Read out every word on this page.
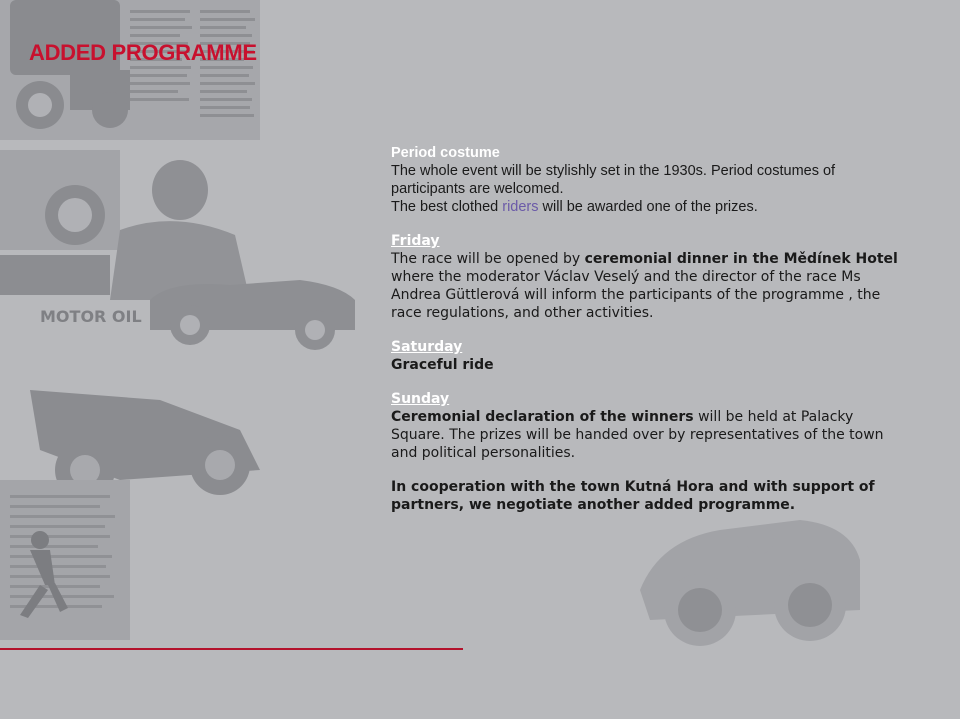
MOTOR OIL
ADDED PROGRAMME

Period costume

The whole event will be stylishly set in the 1930s. Period costumes of participants are welcomed.

The best clothed riders will be awarded one of the prizes.

Friday

The race will be opened by ceremonial dinner in the Mědínek Hotel where the moderator Václav Veselý and the director of the race Ms Andrea Güttlerová will inform the participants of the programme , the race regulations, and other activities.

Saturday

Graceful ride

Sunday

Ceremonial declaration of the winners will be held at Palacky Square. The prizes will be handed over by representatives of the town and political personalities.

In cooperation with the town Kutná Hora and with support of partners, we negotiate another added programme.
